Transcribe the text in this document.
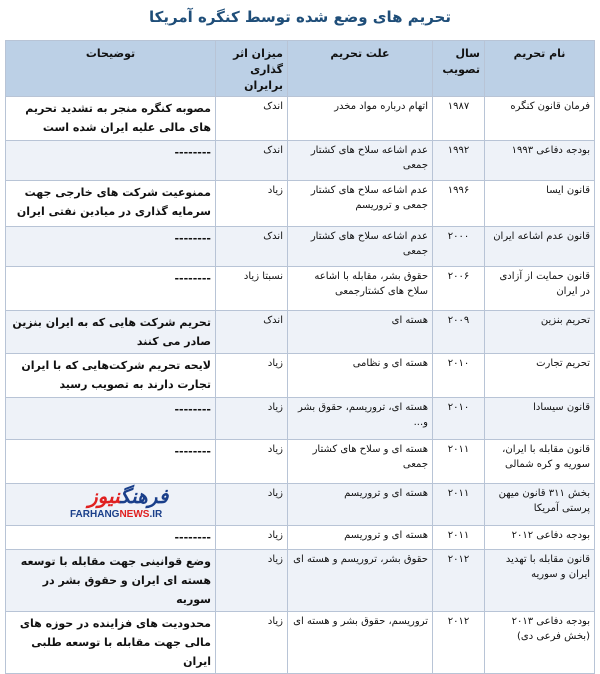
تحریم های وضع شده توسط کنگره آمریکا
نام تحریم	سال تصویب	علت تحریم	میزان اثر گذاری برایران	توضیحات
فرمان قانون کنگره	۱۹۸۷	اتهام درباره مواد مخدر	اندک	مصوبه کنگره منجر به تشدید تحریم های مالی علیه ایران شده است
بودجه دفاعی ۱۹۹۳	۱۹۹۲	عدم اشاعه سلاح های کشتار جمعی	اندک	--------
قانون ایسا	۱۹۹۶	عدم اشاعه سلاح های کشتار جمعی و تروریسم	زیاد	ممنوعیت شرکت های خارجی جهت سرمایه گذاری در میادین نفتی ایران
قانون عدم اشاعه ایران	۲۰۰۰	عدم اشاعه سلاح های کشتار جمعی	اندک	--------
قانون حمایت از آزادی در ایران	۲۰۰۶	حقوق بشر، مقابله با اشاعه سلاح های کشتارجمعی	نسبتا زیاد	--------
تحریم بنزین	۲۰۰۹	هسته ای	اندک	تحریم شرکت هایی که به ایران بنزین صادر می کنند
تحریم تجارت	۲۰۱۰	هسته ای و نظامی	زیاد	لایحه تحریم شرکت‌هایی که با ایران تجارت دارند به تصویب رسید
قانون سیسادا	۲۰۱۰	هسته ای، تروریسم، حقوق بشر و...	زیاد	--------
قانون مقابله با ایران، سوریه و کره شمالی	۲۰۱۱	هسته ای و سلاح های کشتار جمعی	زیاد	--------
بخش ۳۱۱ قانون میهن پرستی آمریکا	۲۰۱۱	هسته ای و تروریسم	زیاد	
بودجه دفاعی ۲۰۱۲	۲۰۱۱	هسته ای و تروریسم	زیاد	--------
قانون مقابله با تهدید ایران و سوریه	۲۰۱۲	حقوق بشر، تروریسم و هسته ای	زیاد	وضع قوانینی جهت مقابله با توسعه هسته ای ایران و حقوق بشر در سوریه
بودجه دفاعی ۲۰۱۳ (بخش فرعی دی)	۲۰۱۲	تروریسم، حقوق بشر و هسته ای	زیاد	محدودیت های فزاینده در حوزه های مالی جهت مقابله با توسعه طلبی ایران
فرهنگنیوز
FARHANGNEWS.IR
